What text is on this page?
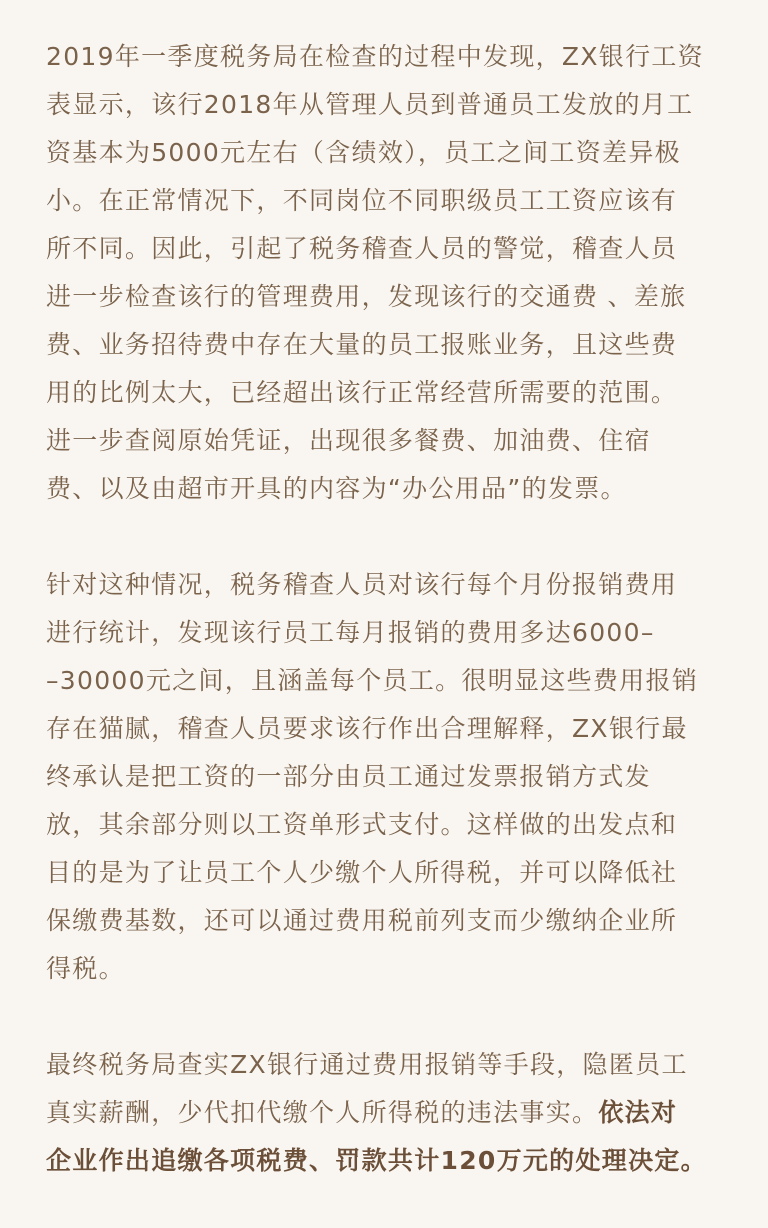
2019年一季度税务局在检查的过程中发现，ZX银行工资
表显示，该行2018年从管理人员到普通员工发放的月工
资基本为5000元左右（含绩效），员工之间工资差异极
小。在正常情况下，不同岗位不同职级员工工资应该有
所不同。因此，引起了税务稽查人员的警觉，稽查人员
进一步检查该行的管理费用，发现该行的交通费 、差旅
费、业务招待费中存在大量的员工报账业务，且这些费
用的比例太大，已经超出该行正常经营所需要的范围。
进一步查阅原始凭证，出现很多餐费、加油费、住宿
费、以及由超市开具的内容为“办公用品”的发票。
针对这种情况，税务稽查人员对该行每个月份报销费用
进行统计，发现该行员工每月报销的费用多达6000–
–30000元之间，且涵盖每个员工。很明显这些费用报销
存在猫腻，稽查人员要求该行作出合理解释，ZX银行最
终承认是把工资的一部分由员工通过发票报销方式发
放，其余部分则以工资单形式支付。这样做的出发点和
目的是为了让员工个人少缴个人所得税，并可以降低社
保缴费基数，还可以通过费用税前列支而少缴纳企业所
得税。
最终税务局查实ZX银行通过费用报销等手段，隐匿员工
真实薪酬，少代扣代缴个人所得税的违法事实。依法对
企业作出追缴各项税费、罚款共计120万元的处理决定。
